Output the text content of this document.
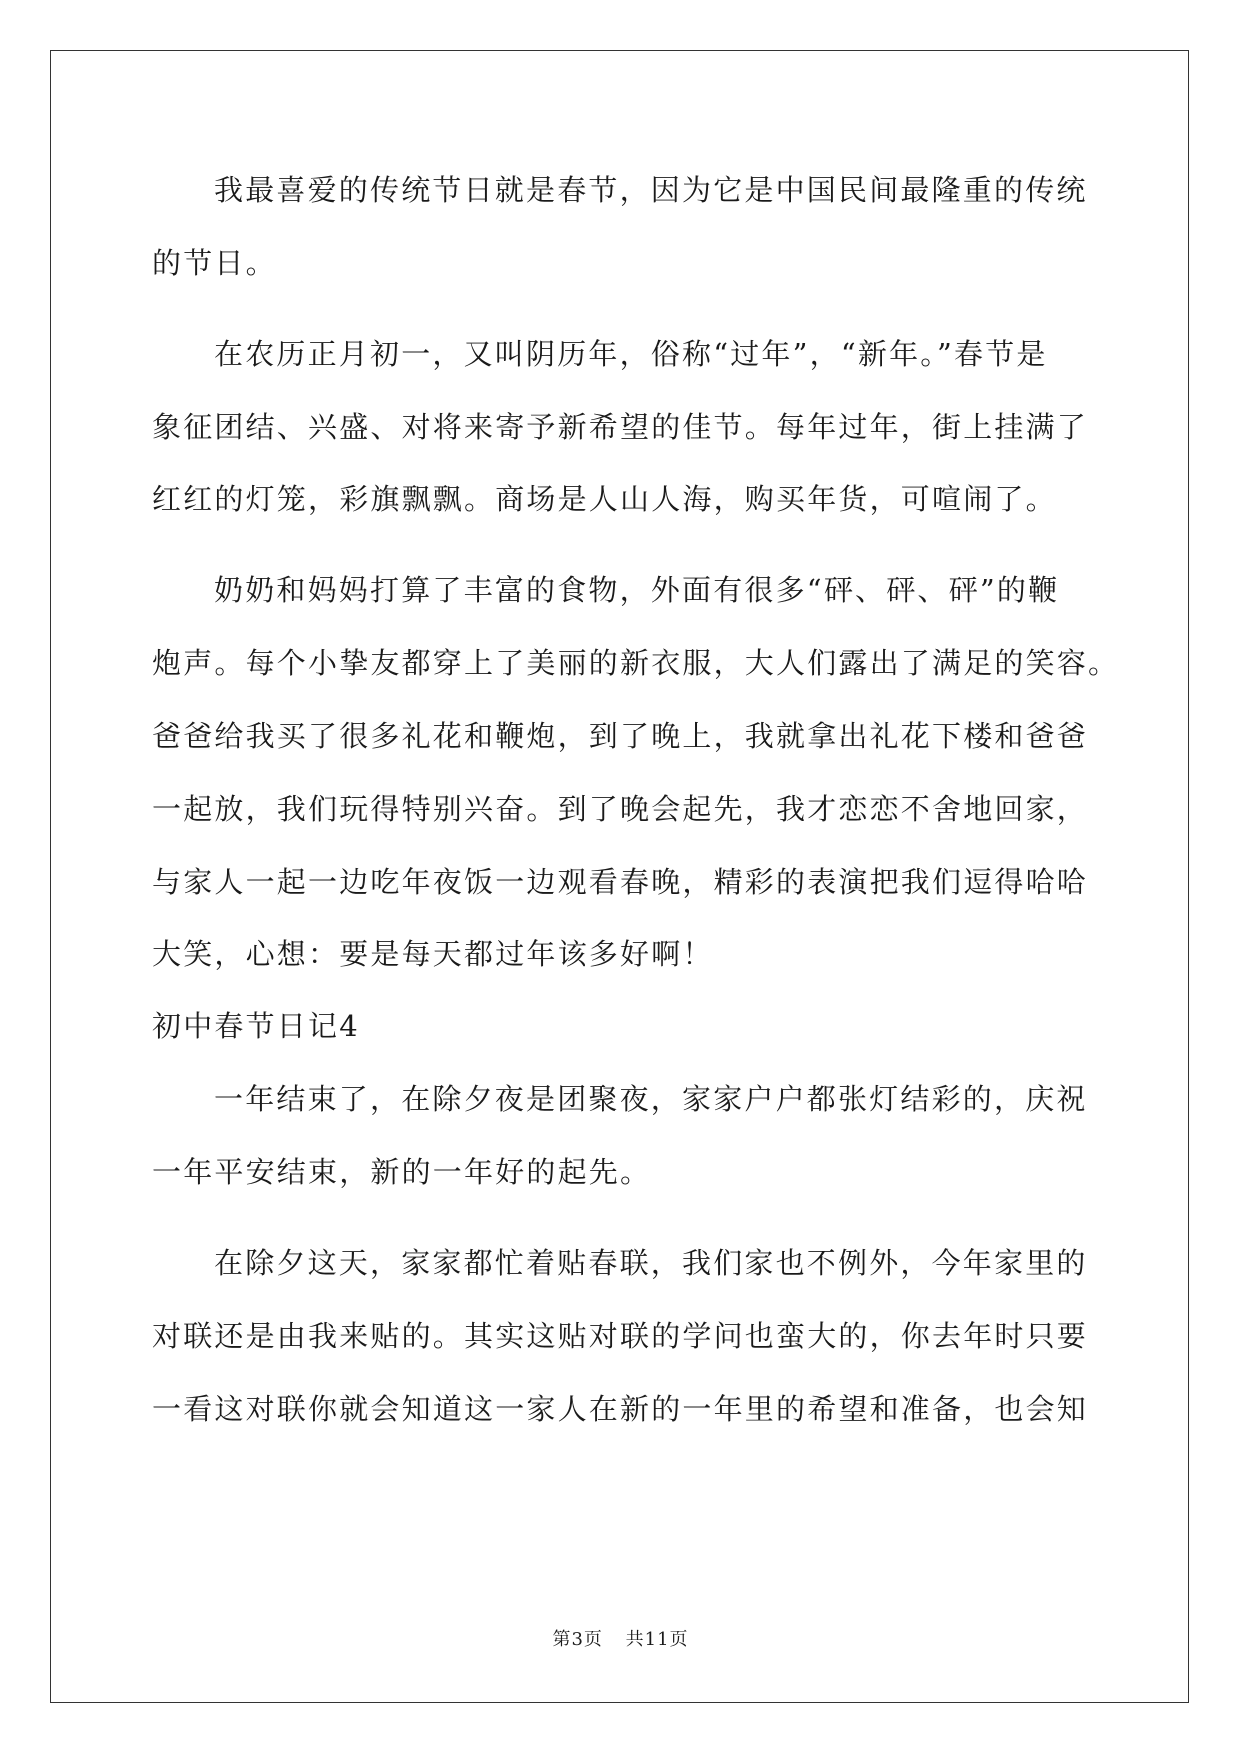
我最喜爱的传统节日就是春节，因为它是中国民间最隆重的传统
的节日。
在农历正月初一，又叫阴历年，俗称“过年”，“新年。”春节是
象征团结、兴盛、对将来寄予新希望的佳节。每年过年，街上挂满了
红红的灯笼，彩旗飘飘。商场是人山人海，购买年货，可喧闹了。
奶奶和妈妈打算了丰富的食物，外面有很多“砰、砰、砰”的鞭
炮声。每个小挚友都穿上了美丽的新衣服，大人们露出了满足的笑容。
爸爸给我买了很多礼花和鞭炮，到了晚上，我就拿出礼花下楼和爸爸
一起放，我们玩得特别兴奋。到了晚会起先，我才恋恋不舍地回家，
与家人一起一边吃年夜饭一边观看春晚，精彩的表演把我们逗得哈哈
大笑，心想：要是每天都过年该多好啊！
初中春节日记4
一年结束了，在除夕夜是团聚夜，家家户户都张灯结彩的，庆祝
一年平安结束，新的一年好的起先。
在除夕这天，家家都忙着贴春联，我们家也不例外，今年家里的
对联还是由我来贴的。其实这贴对联的学问也蛮大的，你去年时只要
一看这对联你就会知道这一家人在新的一年里的希望和准备，也会知
第3页 共11页
